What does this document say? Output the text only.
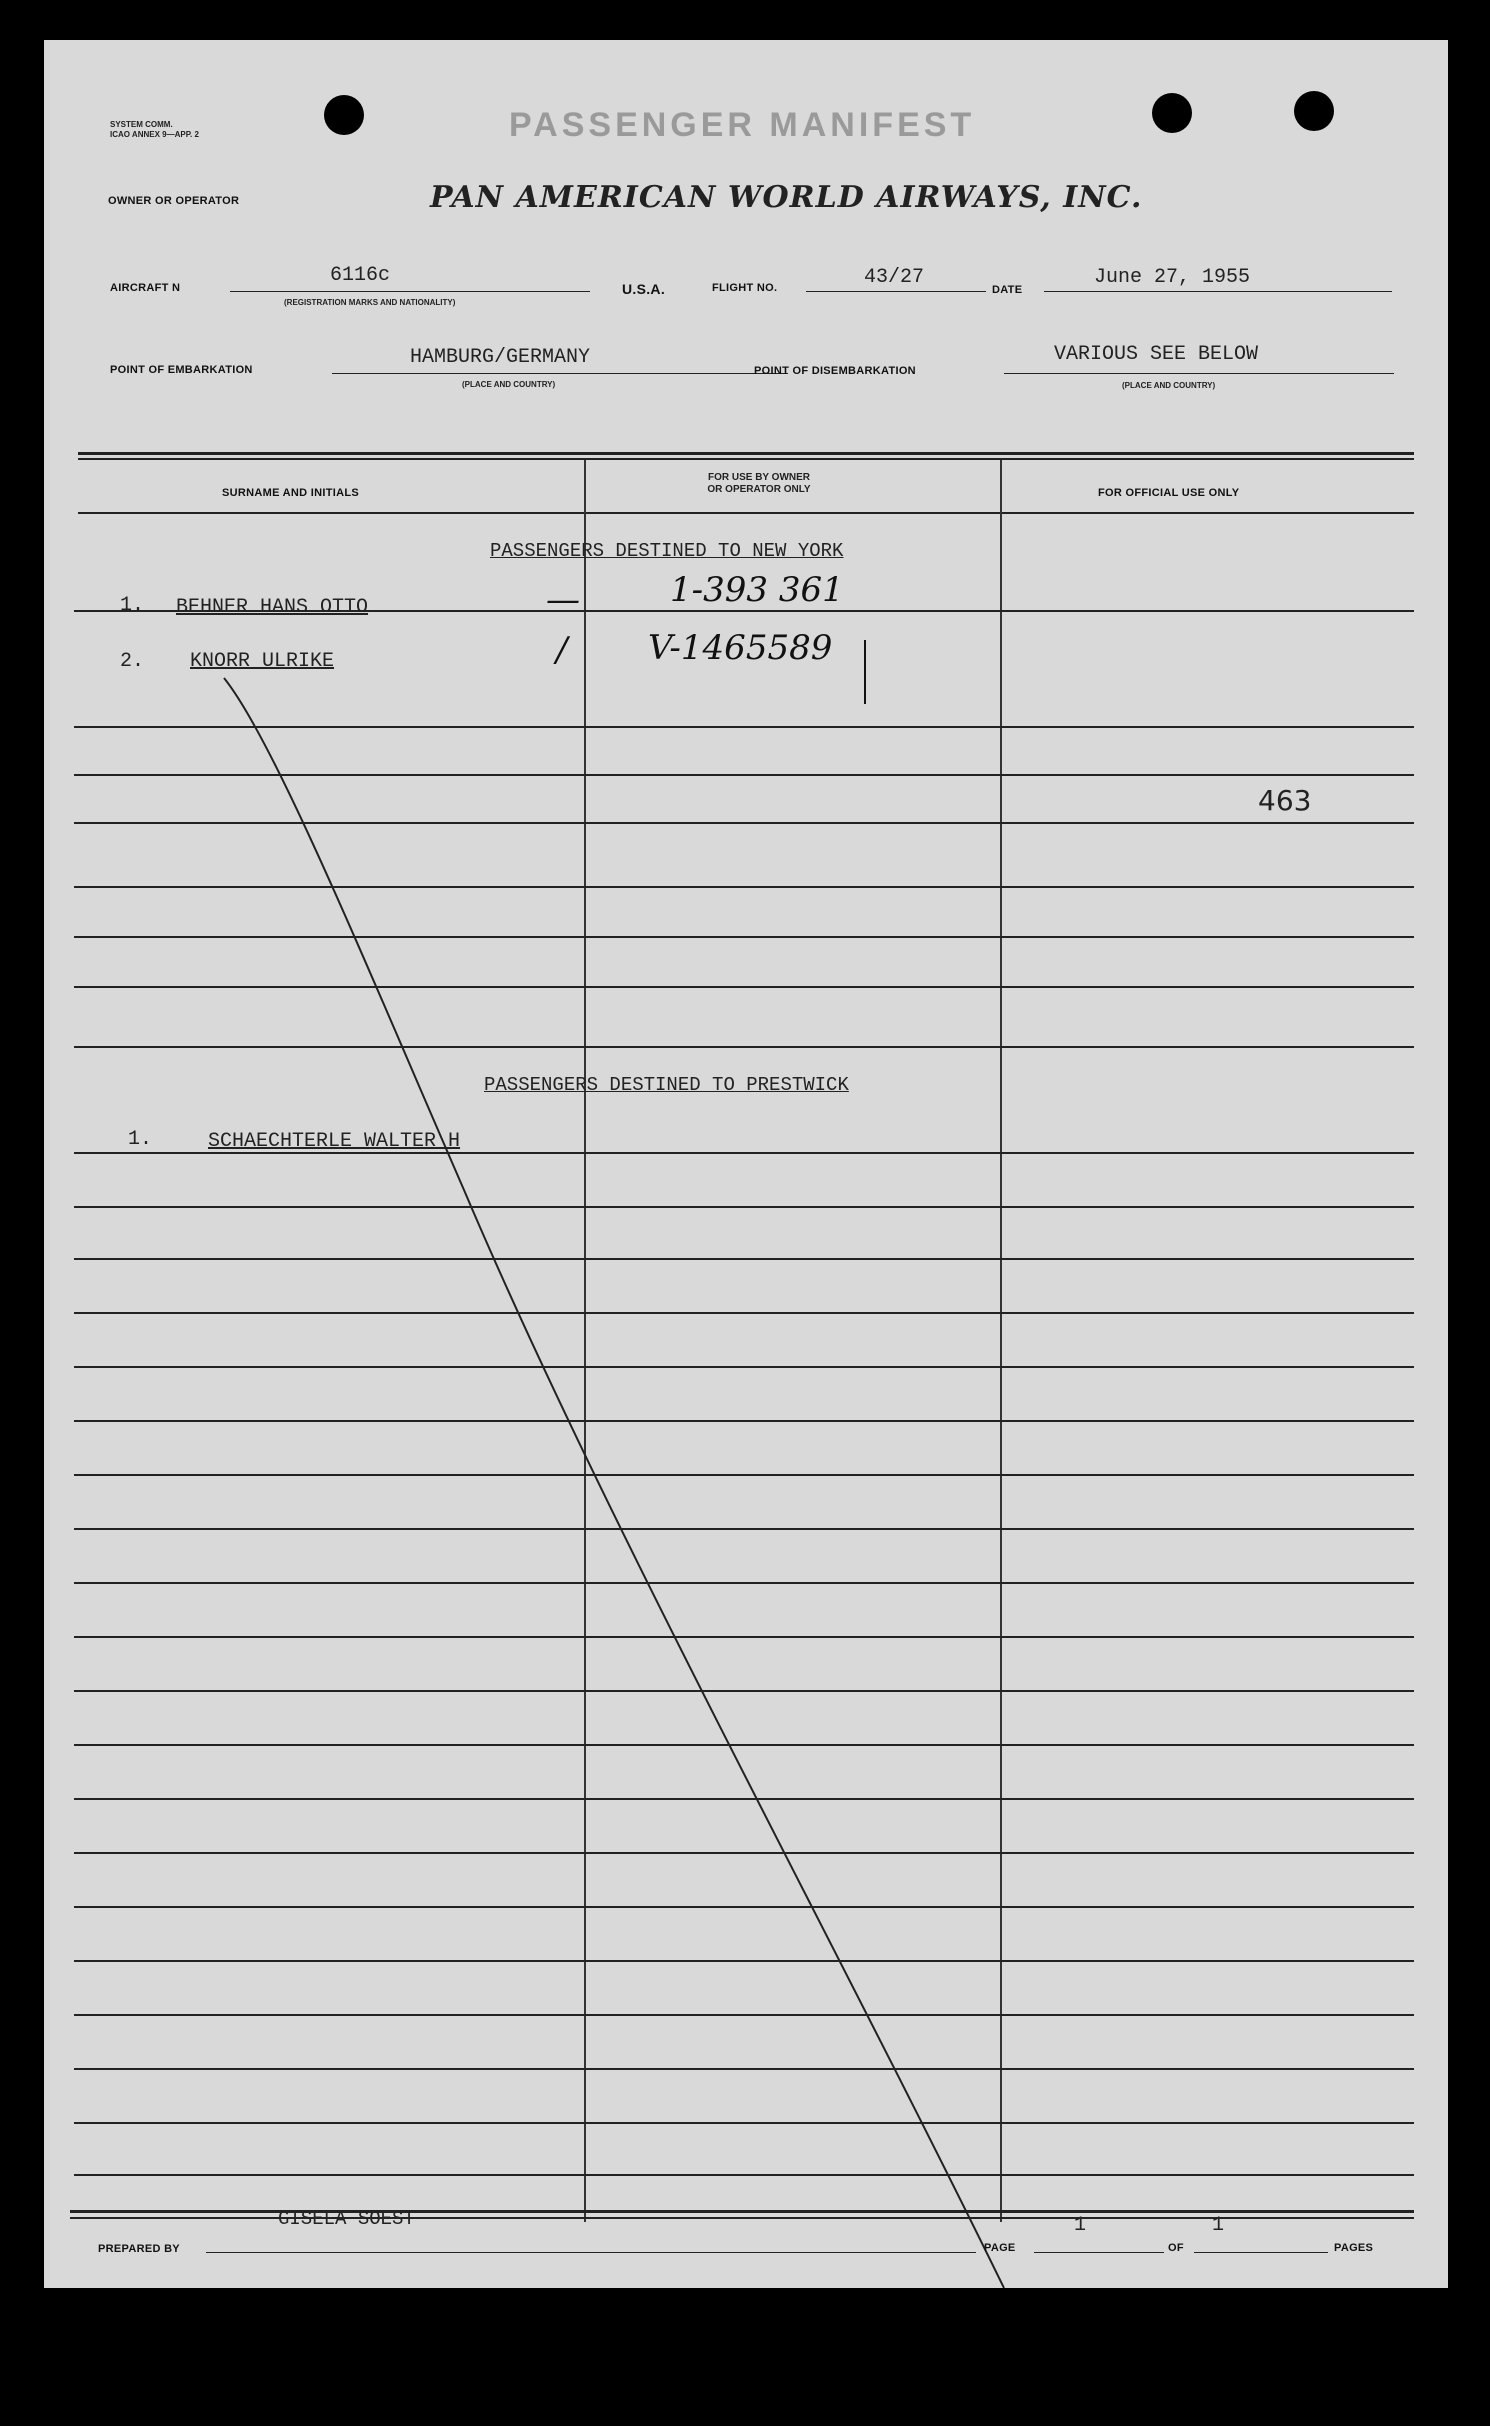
SYSTEM COMM.
ICAO ANNEX 9—APP. 2	PASSENGER MANIFEST
OWNER OR OPERATOR	PAN AMERICAN WORLD AIRWAYS, INC.
AIRCRAFT N
6116c
(REGISTRATION MARKS AND NATIONALITY)
U.S.A.	FLIGHT NO.	43/27
DATE
June 27, 1955
POINT OF EMBARKATION
HAMBURG/GERMANY
(PLACE AND COUNTRY)
POINT OF DISEMBARKATION
VARIOUS SEE BELOW
(PLACE AND COUNTRY)
SURNAME AND INITIALS
FOR USE BY OWNER
OR OPERATOR ONLY	FOR OFFICIAL USE ONLY
PASSENGERS DESTINED TO NEW YORK
1. BEHNER HANS OTTO	—	1-393 361
2. KNORR ULRIKE	/ V-1465589
463
PASSENGERS DESTINED TO PRESTWICK
1.	SCHAECHTERLE WALTER H
GISELA SOEST
PREPARED BY	PAGE
1
OF
1
PAGES
